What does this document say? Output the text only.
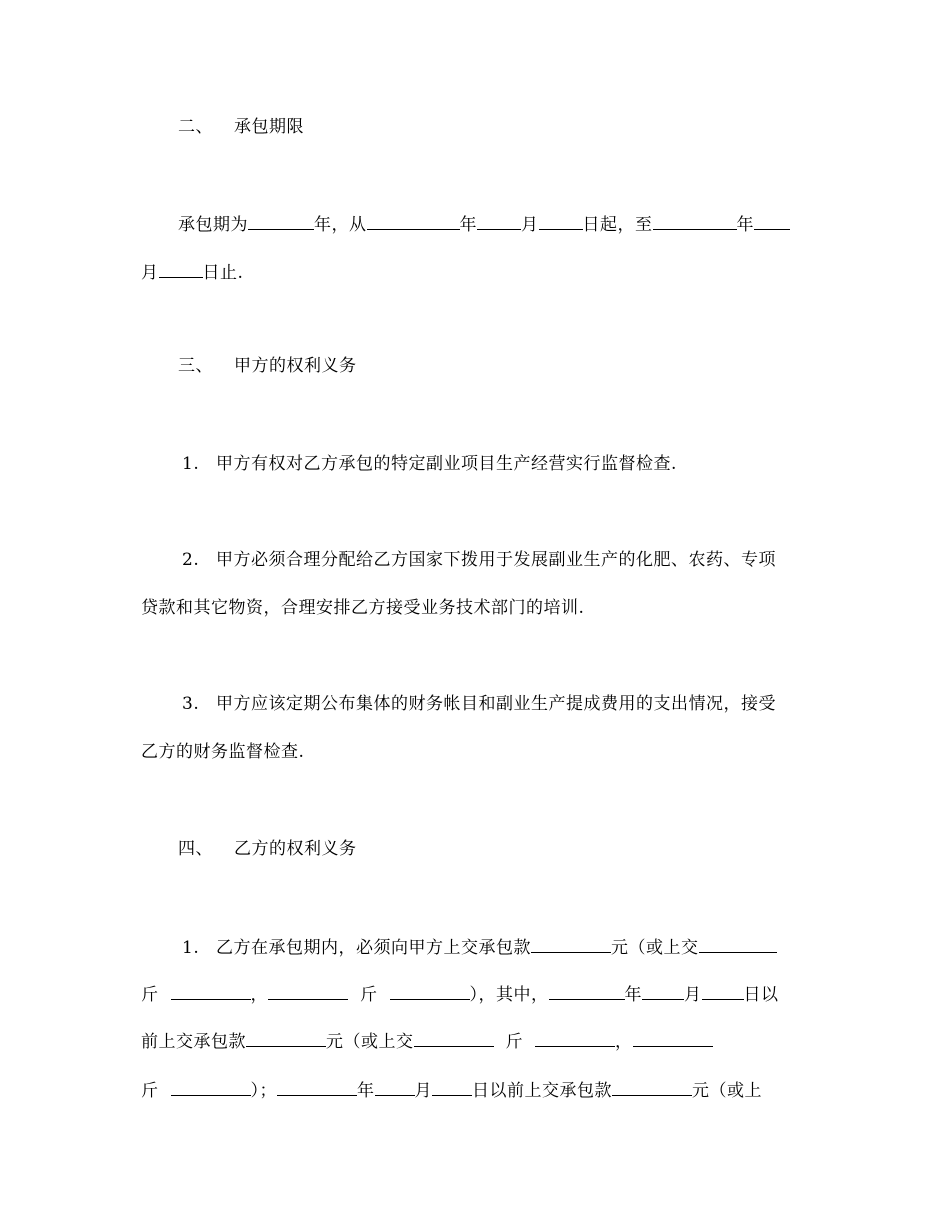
二、 承包期限
承包期为	年，从	年	月	日起，至	年
月	日止.
三、 甲方的权利义务
1. 甲方有权对乙方承包的特定副业项目生产经营实行监督检查.
2. 甲方必须合理分配给乙方国家下拨用于发展副业生产的化肥、农药、专项
贷款和其它物资，合理安排乙方接受业务技术部门的培训.
3. 甲方应该定期公布集体的财务帐目和副业生产提成费用的支出情况，接受
乙方的财务监督检查.
四、 乙方的权利义务
1. 乙方在承包期内，必须向甲方上交承包款	元（或上交
斤	，	斤	），其中，	年 月 日以
前上交承包款	元（或上交	斤	，
斤	）；	年 月 日以前上交承包款	元（或上
